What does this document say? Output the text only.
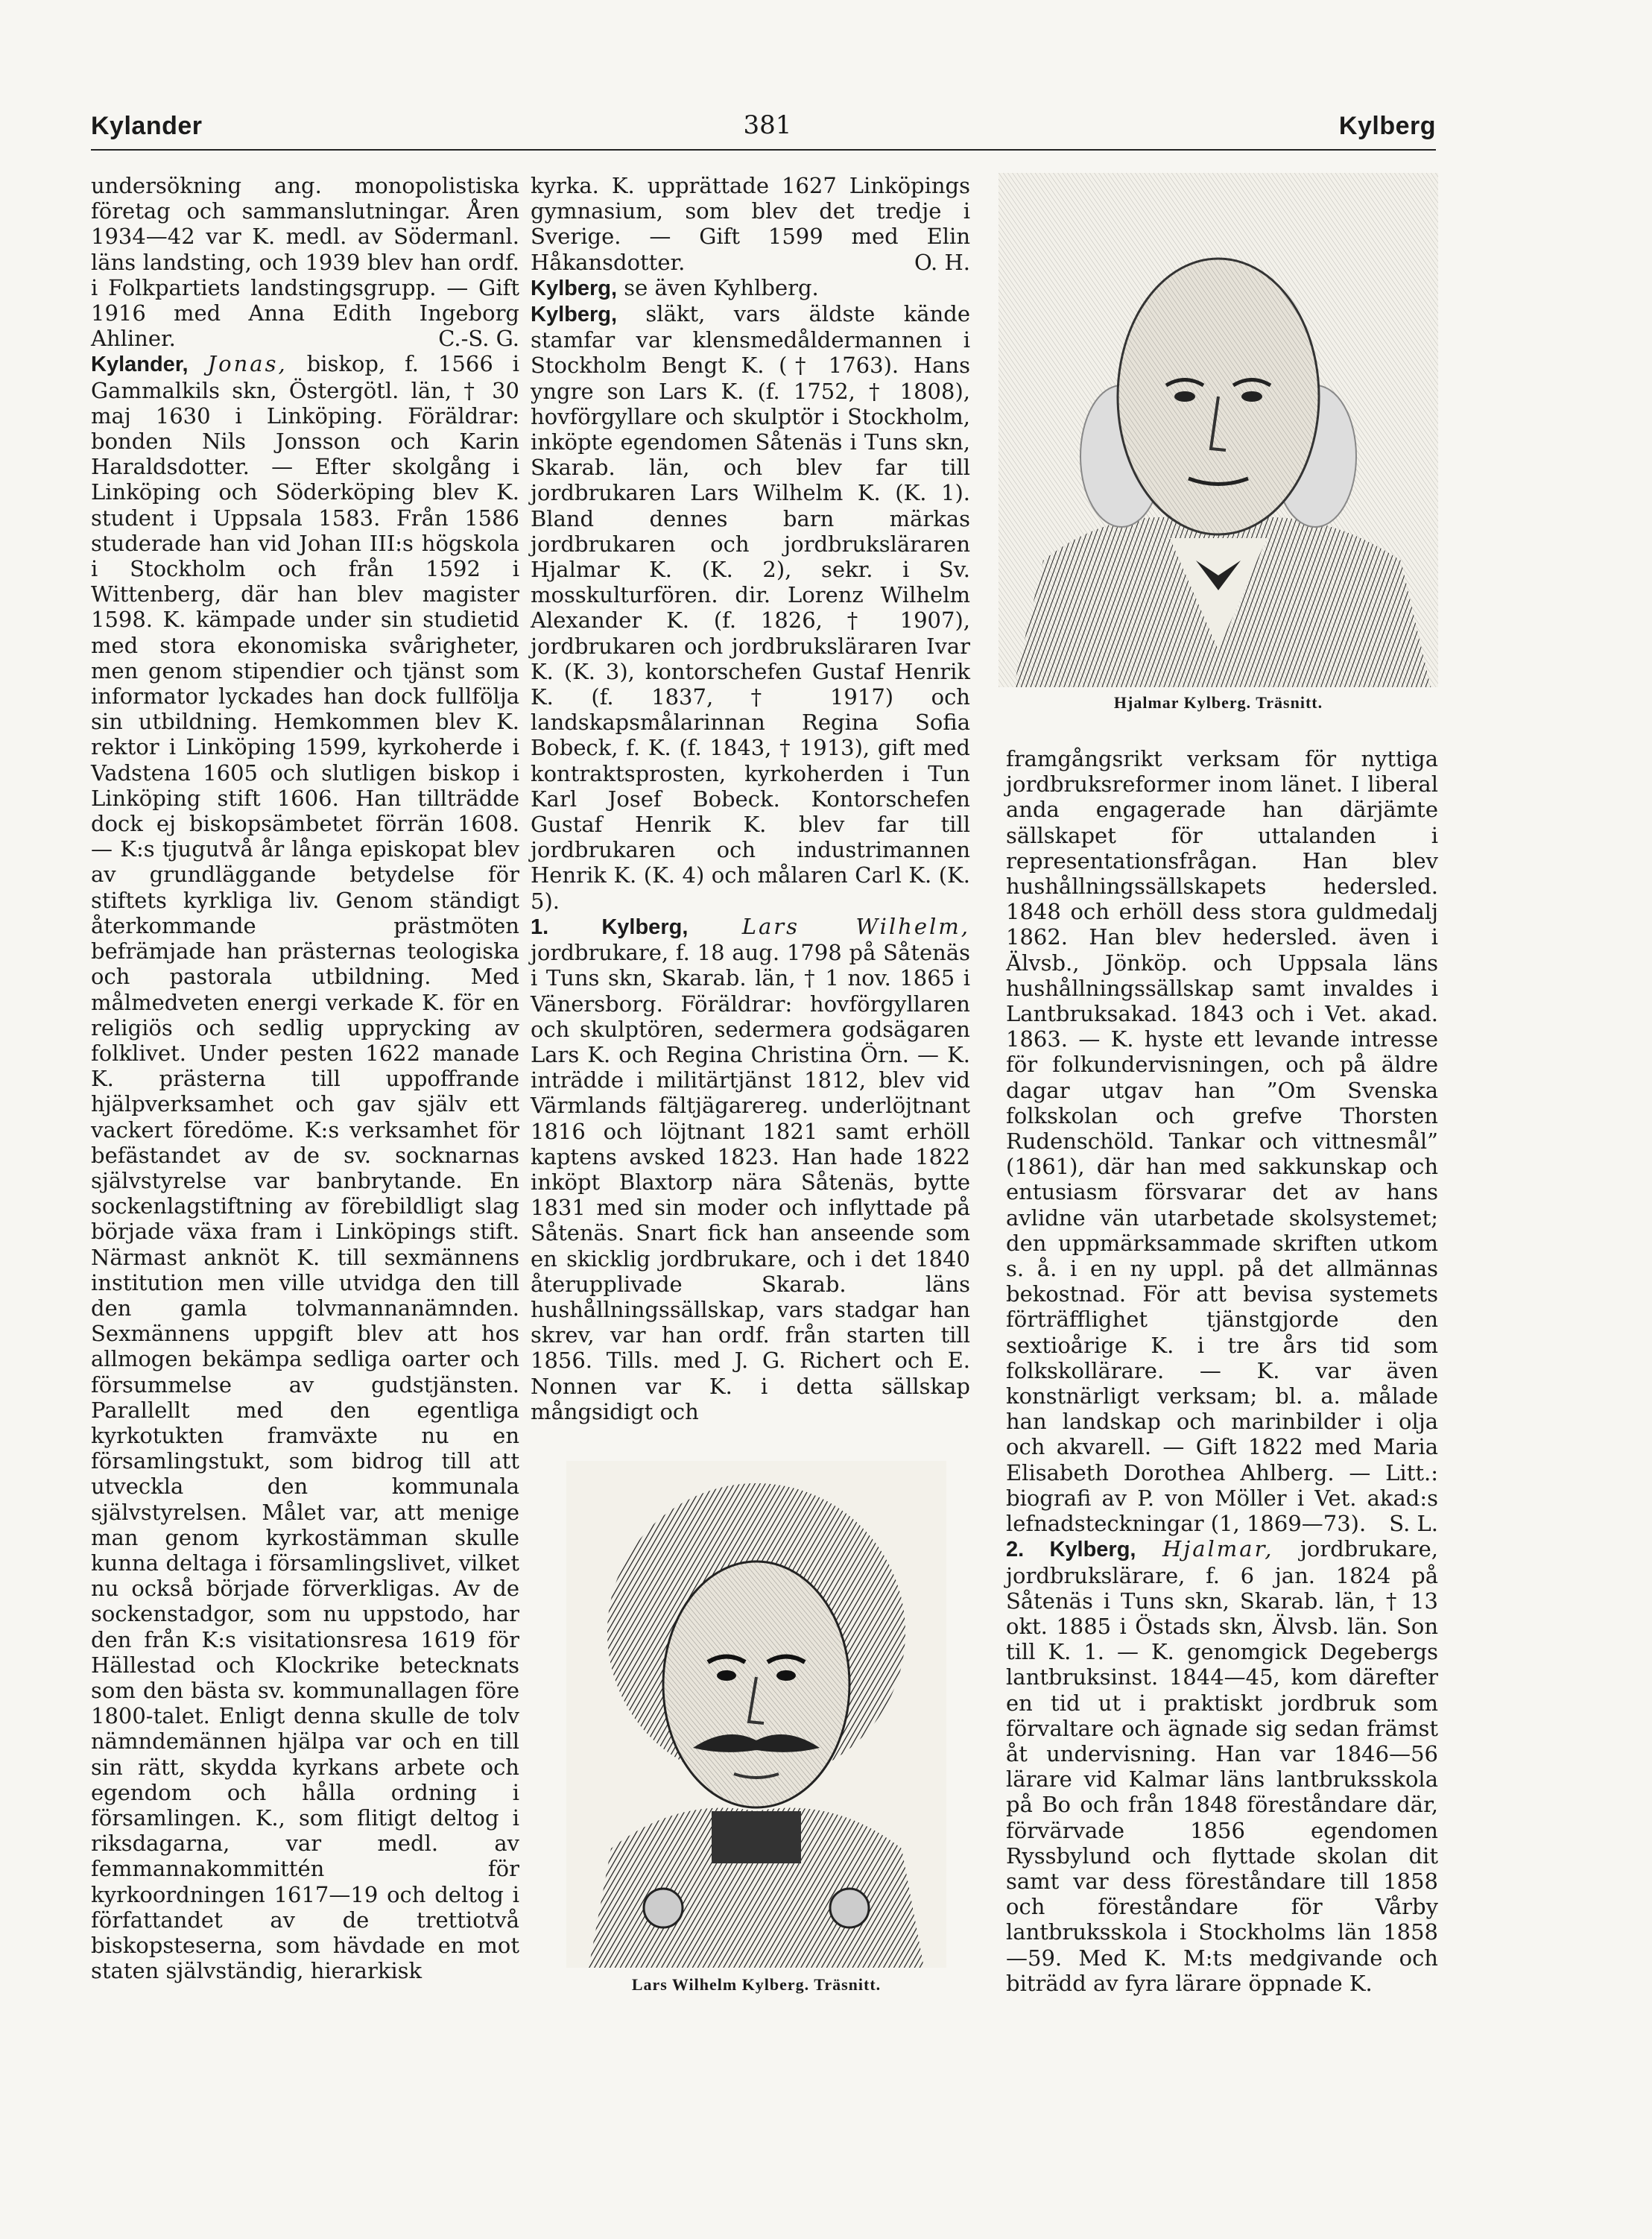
Kylander	381	Kylberg

undersökning ang. monopolistiska företag och sammanslutningar. Åren 1934—42 var K. medl. av Södermanl. läns landsting, och 1939 blev han ordf. i Folkpartiets landstingsgrupp. — Gift 1916 med Anna Edith Ingeborg Ahliner.	C.-S. G.

Kylander, Jonas, biskop, f. 1566 i Gammalkils skn, Östergötl. län, † 30 maj 1630 i Linköping. Föräldrar: bonden Nils Jonsson och Karin Haraldsdotter. — Efter skolgång i Linköping och Söderköping blev K. student i Uppsala 1583. Från 1586 studerade han vid Johan III:s högskola i Stockholm och från 1592 i Wittenberg, där han blev magister 1598. K. kämpade under sin studietid med stora ekonomiska svårigheter, men genom stipendier och tjänst som informator lyckades han dock fullfölja sin utbildning. Hemkommen blev K. rektor i Linköping 1599, kyrkoherde i Vadstena 1605 och slutligen biskop i Linköping stift 1606. Han tillträdde dock ej biskopsämbetet förrän 1608. — K:s tjugutvå år långa episkopat blev av grundläggande betydelse för stiftets kyrkliga liv. Genom ständigt återkommande prästmöten befrämjade han prästernas teologiska och pastorala utbildning. Med målmedveten energi verkade K. för en religiös och sedlig upprycking av folklivet. Under pesten 1622 manade K. prästerna till uppoffrande hjälpverksamhet och gav själv ett vackert föredöme. K:s verksamhet för befästandet av de sv. socknarnas självstyrelse var banbrytande. En sockenlagstiftning av förebildligt slag började växa fram i Linköpings stift. Närmast anknöt K. till sexmännens institution men ville utvidga den till den gamla tolvmannanämnden. Sexmännens uppgift blev att hos allmogen bekämpa sedliga oarter och försummelse av gudstjänsten. Parallellt med den egentliga kyrkotukten framväxte nu en församlingstukt, som bidrog till att utveckla den kommunala självstyrelsen. Målet var, att menige man genom kyrkostämman skulle kunna deltaga i församlingslivet, vilket nu också började förverkligas. Av de sockenstadgor, som nu uppstodo, har den från K:s visitationsresa 1619 för Hällestad och Klockrike betecknats som den bästa sv. kommunallagen före 1800-talet. Enligt denna skulle de tolv nämndemännen hjälpa var och en till sin rätt, skydda kyrkans arbete och egendom och hålla ordning i församlingen. K., som flitigt deltog i riksdagarna, var medl. av femmannakommittén för kyrkoordningen 1617—19 och deltog i författandet av de trettiotvå biskopsteserna, som hävdade en mot staten självständig, hierarkisk

kyrka. K. upprättade 1627 Linköpings gymnasium, som blev det tredje i Sverige. — Gift 1599 med Elin Håkansdotter.	O. H.

Kylberg, se även Kyhlberg.

Kylberg, släkt, vars äldste kände stamfar var klensmedåldermannen i Stockholm Bengt K. († 1763). Hans yngre son Lars K. (f. 1752, † 1808), hovförgyllare och skulptör i Stockholm, inköpte egendomen Såtenäs i Tuns skn, Skarab. län, och blev far till jordbrukaren Lars Wilhelm K. (K. 1). Bland dennes barn märkas jordbrukaren och jordbruksläraren Hjalmar K. (K. 2), sekr. i Sv. mosskulturfören. dir. Lorenz Wilhelm Alexander K. (f. 1826, † 1907), jordbrukaren och jordbruksläraren Ivar K. (K. 3), kontorschefen Gustaf Henrik K. (f. 1837, † 1917) och landskapsmålarinnan Regina Sofia Bobeck, f. K. (f. 1843, † 1913), gift med kontraktsprosten, kyrkoherden i Tun Karl Josef Bobeck. Kontorschefen Gustaf Henrik K. blev far till jordbrukaren och industrimannen Henrik K. (K. 4) och målaren Carl K. (K. 5).

1. Kylberg, Lars Wilhelm, jordbrukare, f. 18 aug. 1798 på Såtenäs i Tuns skn, Skarab. län, † 1 nov. 1865 i Vänersborg. Föräldrar: hovförgyllaren och skulptören, sedermera godsägaren Lars K. och Regina Christina Örn. — K. inträdde i militärtjänst 1812, blev vid Värmlands fältjägarereg. underlöjtnant 1816 och löjtnant 1821 samt erhöll kaptens avsked 1823. Han hade 1822 inköpt Blaxtorp nära Såtenäs, bytte 1831 med sin moder och inflyttade på Såtenäs. Snart fick han anseende som en skicklig jordbrukare, och i det 1840 återupplivade Skarab. läns hushållningssällskap, vars stadgar han skrev, var han ordf. från starten till 1856. Tills. med J. G. Richert och E. Nonnen var K. i detta sällskap mångsidigt och

Hjalmar Kylberg. Träsnitt.

framgångsrikt verksam för nyttiga jordbruksreformer inom länet. I liberal anda engagerade han därjämte sällskapet för uttalanden i representationsfrågan. Han blev hushållningssällskapets hedersled. 1848 och erhöll dess stora guldmedalj 1862. Han blev hedersled. även i Älvsb., Jönköp. och Uppsala läns hushållningssällskap samt invaldes i Lantbruksakad. 1843 och i Vet. akad. 1863. — K. hyste ett levande intresse för folkundervisningen, och på äldre dagar utgav han ”Om Svenska folkskolan och grefve Thorsten Rudenschöld. Tankar och vittnesmål” (1861), där han med sakkunskap och entusiasm försvarar det av hans avlidne vän utarbetade skolsystemet; den uppmärksammade skriften utkom s. å. i en ny uppl. på det allmännas bekostnad. För att bevisa systemets förträfflighet tjänstgjorde den sextioårige K. i tre års tid som folkskollärare. — K. var även konstnärligt verksam; bl. a. målade han landskap och marinbilder i olja och akvarell. — Gift 1822 med Maria Elisabeth Dorothea Ahlberg. — Litt.: biografi av P. von Möller i Vet. akad:s lefnadsteckningar (1, 1869—73). S. L.

2. Kylberg, Hjalmar, jordbrukare, jordbrukslärare, f. 6 jan. 1824 på Såtenäs i Tuns skn, Skarab. län, † 13 okt. 1885 i Östads skn, Älvsb. län. Son till K. 1. — K. genomgick Degebergs lantbruksinst. 1844—45, kom därefter en tid ut i praktiskt jordbruk som förvaltare och ägnade sig sedan främst åt undervisning. Han var 1846—56 lärare vid Kalmar läns lantbruksskola på Bo och från 1848 föreståndare där, förvärvade 1856 egendomen Ryssbylund och flyttade skolan dit samt var dess föreståndare till 1858 och föreståndare för Vårby lantbruksskola i Stockholms län 1858 —59. Med K. M:ts medgivande och biträdd av fyra lärare öppnade K.

Lars Wilhelm Kylberg. Träsnitt.
